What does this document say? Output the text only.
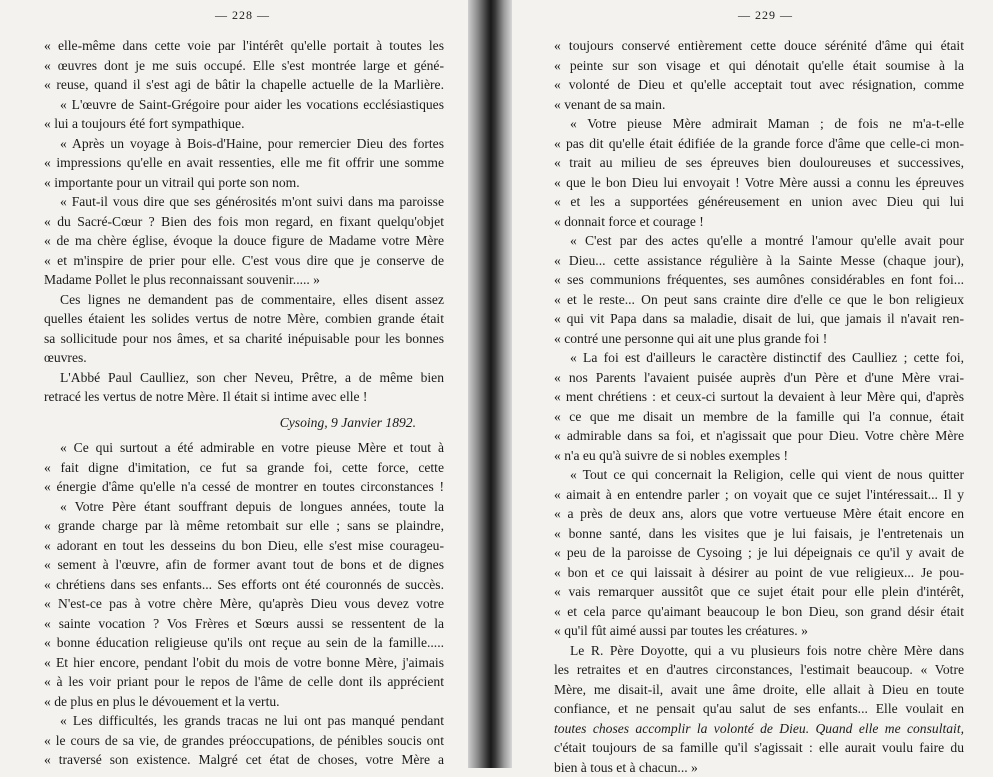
— 228 —
« elle-même dans cette voie par l'intérêt qu'elle portait à toutes les
« œuvres dont je me suis occupé. Elle s'est montrée large et géné-
« reuse, quand il s'est agi de bâtir la chapelle actuelle de la Marlière.
« L'œuvre de Saint-Grégoire pour aider les vocations ecclésiastiques
« lui a toujours été fort sympathique.
« Après un voyage à Bois-d'Haine, pour remercier Dieu des fortes
« impressions qu'elle en avait ressenties, elle me fit offrir une somme
« importante pour un vitrail qui porte son nom.
« Faut-il vous dire que ses générosités m'ont suivi dans ma paroisse
« du Sacré-Cœur ? Bien des fois mon regard, en fixant quelqu'objet
« de ma chère église, évoque la douce figure de Madame votre Mère
« et m'inspire de prier pour elle. C'est vous dire que je conserve de
Madame Pollet le plus reconnaissant souvenir..... »
Ces lignes ne demandent pas de commentaire, elles disent assez
quelles étaient les solides vertus de notre Mère, combien grande était
sa sollicitude pour nos âmes, et sa charité inépuisable pour les bonnes
œuvres.
L'Abbé Paul Caulliez, son cher Neveu, Prêtre, a de même bien
retracé les vertus de notre Mère. Il était si intime avec elle !
Cysoing, 9 Janvier 1892.
« Ce qui surtout a été admirable en votre pieuse Mère et tout à
« fait digne d'imitation, ce fut sa grande foi, cette force, cette
« énergie d'âme qu'elle n'a cessé de montrer en toutes circonstances !
« Votre Père étant souffrant depuis de longues années, toute la
« grande charge par là même retombait sur elle ; sans se plaindre,
« adorant en tout les desseins du bon Dieu, elle s'est mise courageu-
« sement à l'œuvre, afin de former avant tout de bons et de dignes
« chrétiens dans ses enfants... Ses efforts ont été couronnés de succès.
« N'est-ce pas à votre chère Mère, qu'après Dieu vous devez votre
« sainte vocation ? Vos Frères et Sœurs aussi se ressentent de la
« bonne éducation religieuse qu'ils ont reçue au sein de la famille.....
« Et hier encore, pendant l'obit du mois de votre bonne Mère, j'aimais
« à les voir priant pour le repos de l'âme de celle dont ils apprécient
« de plus en plus le dévouement et la vertu.
« Les difficultés, les grands tracas ne lui ont pas manqué pendant
« le cours de sa vie, de grandes préoccupations, de pénibles soucis ont
« traversé son existence. Malgré cet état de choses, votre Mère a
— 229 —
« toujours conservé entièrement cette douce sérénité d'âme qui était
« peinte sur son visage et qui dénotait qu'elle était soumise à la
« volonté de Dieu et qu'elle acceptait tout avec résignation, comme
« venant de sa main.
« Votre pieuse Mère admirait Maman ; de fois ne m'a-t-elle
« pas dit qu'elle était édifiée de la grande force d'âme que celle-ci mon-
« trait au milieu de ses épreuves bien douloureuses et successives,
« que le bon Dieu lui envoyait ! Votre Mère aussi a connu les épreuves
« et les a supportées généreusement en union avec Dieu qui lui
« donnait force et courage !
« C'est par des actes qu'elle a montré l'amour qu'elle avait pour
« Dieu... cette assistance régulière à la Sainte Messe (chaque jour),
« ses communions fréquentes, ses aumônes considérables en font foi...
« et le reste... On peut sans crainte dire d'elle ce que le bon religieux
« qui vit Papa dans sa maladie, disait de lui, que jamais il n'avait ren-
« contré une personne qui ait une plus grande foi !
« La foi est d'ailleurs le caractère distinctif des Caulliez ; cette foi,
« nos Parents l'avaient puisée auprès d'un Père et d'une Mère vrai-
« ment chrétiens : et ceux-ci surtout la devaient à leur Mère qui, d'après
« ce que me disait un membre de la famille qui l'a connue, était
« admirable dans sa foi, et n'agissait que pour Dieu. Votre chère Mère
« n'a eu qu'à suivre de si nobles exemples !
« Tout ce qui concernait la Religion, celle qui vient de nous quitter
« aimait à en entendre parler ; on voyait que ce sujet l'intéressait... Il y
« a près de deux ans, alors que votre vertueuse Mère était encore en
« bonne santé, dans les visites que je lui faisais, je l'entretenais un
« peu de la paroisse de Cysoing ; je lui dépeignais ce qu'il y avait de
« bon et ce qui laissait à désirer au point de vue religieux... Je pou-
« vais remarquer aussitôt que ce sujet était pour elle plein d'intérêt,
« et cela parce qu'aimant beaucoup le bon Dieu, son grand désir était
« qu'il fût aimé aussi par toutes les créatures. »
Le R. Père Doyotte, qui a vu plusieurs fois notre chère Mère dans
les retraites et en d'autres circonstances, l'estimait beaucoup. « Votre
Mère, me disait-il, avait une âme droite, elle allait à Dieu en toute
confiance, et ne pensait qu'au salut de ses enfants... Elle voulait en
toutes choses accomplir la volonté de Dieu. Quand elle me consultait,
c'était toujours de sa famille qu'il s'agissait : elle aurait voulu faire du
bien à tous et à chacun... »
